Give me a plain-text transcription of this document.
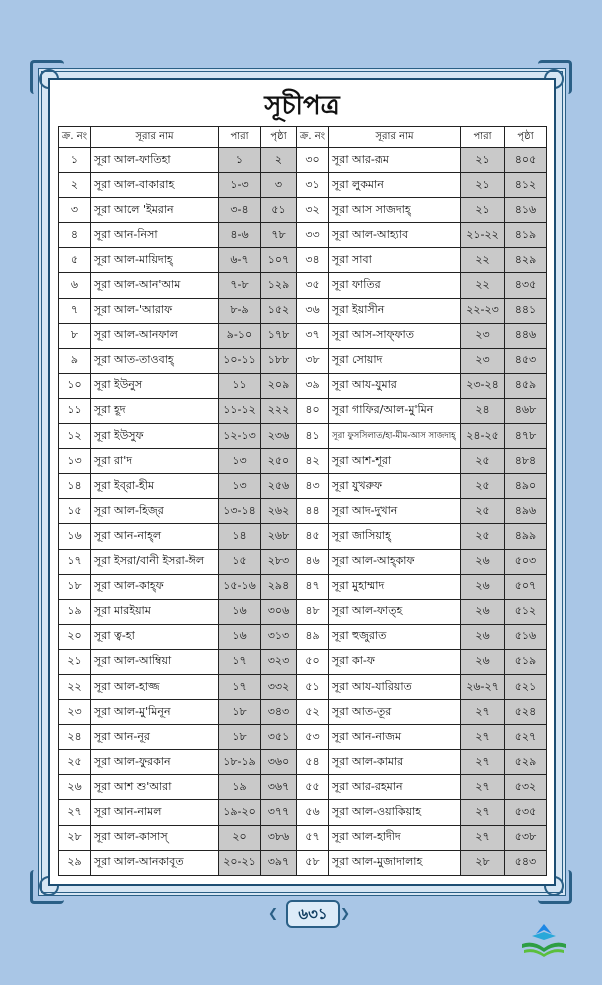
সূচীপত্র
ক্র. নং	সূরার নাম	পারা	পৃষ্ঠা	ক্র. নং	সূরার নাম	পারা	পৃষ্ঠা
১	সূরা আল-ফাতিহা	১	২	৩০	সূরা আর-রূম	২১	৪০৫
২	সূরা আল-বাকারাহ	১-৩	৩	৩১	সূরা লুকমান	২১	৪১২
৩	সূরা আলে 'ইমরান	৩-৪	৫১	৩২	সূরা আস সাজদাহ্	২১	৪১৬
৪	সূরা আন-নিসা	৪-৬	৭৮	৩৩	সূরা আল-আহ্যাব	২১-২২	৪১৯
৫	সূরা আল-মায়িদাহ্	৬-৭	১০৭	৩৪	সূরা সাবা	২২	৪২৯
৬	সূরা আল-আন'আম	৭-৮	১২৯	৩৫	সূরা ফাতির	২২	৪৩৫
৭	সূরা আল-'আরাফ	৮-৯	১৫২	৩৬	সূরা ইয়াসীন	২২-২৩	৪৪১
৮	সূরা আল-আনফাল	৯-১০	১৭৮	৩৭	সূরা আস-সাফ্ফাত	২৩	৪৪৬
৯	সূরা আত-তাওবাহ্	১০-১১	১৮৮	৩৮	সূরা সোয়াদ	২৩	৪৫৩
১০	সূরা ইউনুস	১১	২০৯	৩৯	সূরা আয-যুমার	২৩-২৪	৪৫৯
১১	সূরা হূদ	১১-১২	২২২	৪০	সূরা গাফির/আল-মু'মিন	২৪	৪৬৮
১২	সূরা ইউসুফ	১২-১৩	২৩৬	৪১	সূরা ফুসসিলাত/হা-মীম-আস সাজদাহ্	২৪-২৫	৪৭৮
১৩	সূরা রা'দ	১৩	২৫০	৪২	সূরা আশ-শূরা	২৫	৪৮৪
১৪	সূরা ইব্‌রা-হীম	১৩	২৫৬	৪৩	সূরা যুখরুফ	২৫	৪৯০
১৫	সূরা আল-হিজ্‌র	১৩-১৪	২৬২	৪৪	সূরা আদ-দুখান	২৫	৪৯৬
১৬	সূরা আন-নাহ্‌ল	১৪	২৬৮	৪৫	সূরা জাসিয়াহ্	২৫	৪৯৯
১৭	সূরা ইসরা/বানী ইসরা-ঈল	১৫	২৮৩	৪৬	সূরা আল-আহ্‌কাফ	২৬	৫০৩
১৮	সূরা আল-কাহ্‌ফ	১৫-১৬	২৯৪	৪৭	সূরা মুহাম্মাদ	২৬	৫০৭
১৯	সূরা মারইয়াম	১৬	৩০৬	৪৮	সূরা আল-ফাত্‌হ	২৬	৫১২
২০	সূরা ত্ব-হা	১৬	৩১৩	৪৯	সূরা হুজুরাত	২৬	৫১৬
২১	সূরা আল-আম্বিয়া	১৭	৩২৩	৫০	সূরা কা-ফ	২৬	৫১৯
২২	সূরা আল-হাজ্জ	১৭	৩৩২	৫১	সূরা আয-যারিয়াত	২৬-২৭	৫২১
২৩	সূরা আল-মু'মিনূন	১৮	৩৪৩	৫২	সূরা আত-তূর	২৭	৫২৪
২৪	সূরা আন-নূর	১৮	৩৫১	৫৩	সূরা আন-নাজম	২৭	৫২৭
২৫	সূরা আল-ফুরকান	১৮-১৯	৩৬০	৫৪	সূরা আল-কামার	২৭	৫২৯
২৬	সূরা আশ শু'আরা	১৯	৩৬৭	৫৫	সূরা আর-রহমান	২৭	৫৩২
২৭	সূরা আন-নামল	১৯-২০	৩৭৭	৫৬	সূরা আল-ওয়াকিয়াহ	২৭	৫৩৫
২৮	সূরা আল-কাসাস্	২০	৩৮৬	৫৭	সূরা আল-হাদীদ	২৭	৫৩৮
২৯	সূরা আল-আনকাবূত	২০-২১	৩৯৭	৫৮	সূরা আল-মুজাদালাহ	২৮	৫৪৩
❮	৬৩১	❯
